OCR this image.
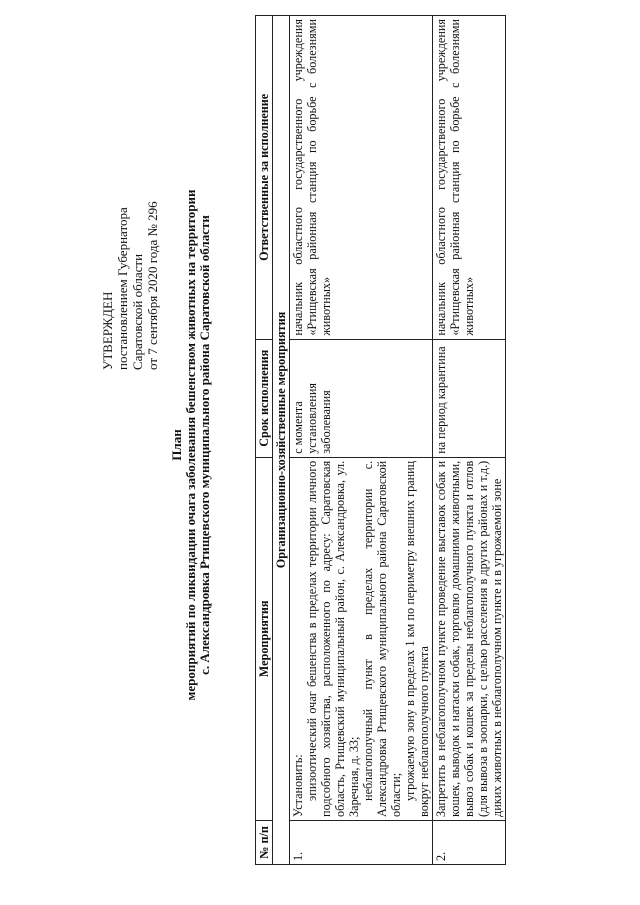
УТВЕРЖДЕН постановлением Губернатора Саратовской области от 7 сентября 2020 года № 296
План мероприятий по ликвидации очага заболевания бешенством животных на территории с. Александровка Ртищевского муниципального района Саратовской области
№ п/п	Мероприятия	Срок исполнения	Ответственные за исполнение
Организационно-хозяйственные мероприятия			
1.	Установить: эпизоотический очаг бешенства в пределах территории личного подсобного хозяйства, расположенного по адресу: Саратовская область, Ртищевский муниципальный район, с. Александровка, ул. Заречная, д. 33; неблагополучный пункт в пределах территории с. Александровка Ртищевского муниципального района Саратовской области; угрожаемую зону в пределах 1 км по периметру внешних границ вокруг неблагополучного пункта	с момента установления заболевания	начальник областного государственного учреждения «Ртищевская районная станция по борьбе с болезнями животных»
2.	Запретить в неблагополучном пункте проведение выставок собак и кошек, выводок и натаски собак, торговлю домашними животными, вывоз собак и кошек за пределы неблагополучного пункта и отлов (для вывоза в зоопарки, с целью расселения в других районах и т.д.) диких животных в неблагополучном пункте и в угрожаемой зоне	на период карантина	начальник областного государственного учреждения «Ртищевская районная станция по борьбе с болезнями животных»
